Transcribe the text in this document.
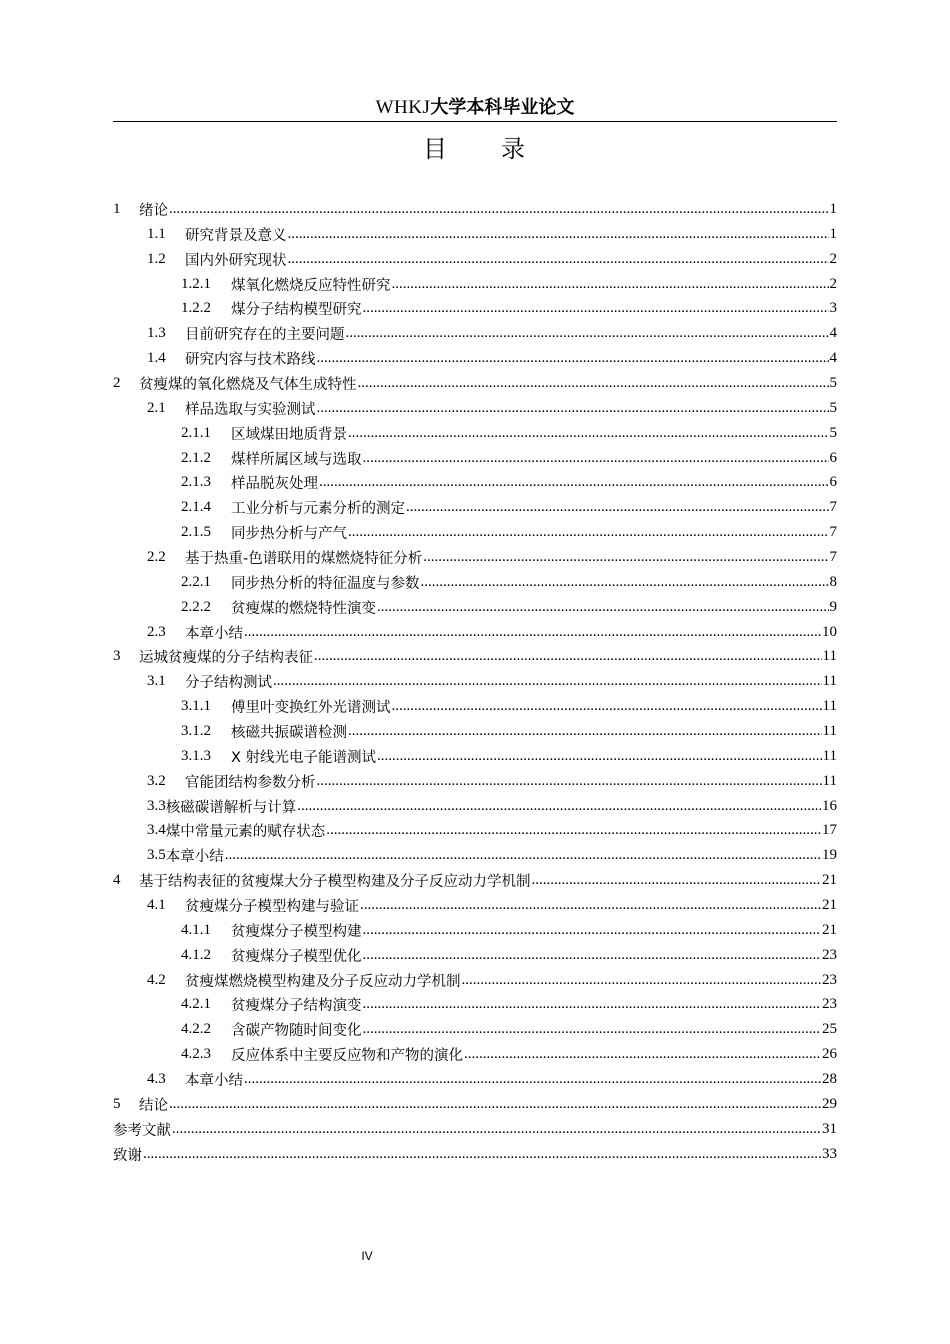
WHKJ大学本科毕业论文
目 录
1	绪论 .....	1
1.1	研究背景及意义 .....	1
1.2	国内外研究现状 .....	2
1.2.1	煤氧化燃烧反应特性研究 .....	2
1.2.2	煤分子结构模型研究 .....	3
1.3	目前研究存在的主要问题 .....	4
1.4	研究内容与技术路线 .....	4
2	贫瘦煤的氧化燃烧及气体生成特性 .....	5
2.1	样品选取与实验测试 .....	5
2.1.1	区域煤田地质背景 .....	5
2.1.2	煤样所属区域与选取 .....	6
2.1.3	样品脱灰处理 .....	6
2.1.4	工业分析与元素分析的测定 .....	7
2.1.5	同步热分析与产气 .....	7
2.2	基于热重-色谱联用的煤燃烧特征分析 .....	7
2.2.1	同步热分析的特征温度与参数 .....	8
2.2.2	贫瘦煤的燃烧特性演变 .....	9
2.3	本章小结 .....	10
3	运城贫瘦煤的分子结构表征 .....	11
3.1	分子结构测试 .....	11
3.1.1	傅里叶变换红外光谱测试 .....	11
3.1.2	核磁共振碳谱检测 .....	11
3.1.3	X 射线光电子能谱测试 .....	11
3.2	官能团结构参数分析 .....	11
3.3 核磁碳谱解析与计算 .....	16
3.4 煤中常量元素的赋存状态 .....	17
3.5 本章小结 .....	19
4	基于结构表征的贫瘦煤大分子模型构建及分子反应动力学机制 .....	21
4.1	贫瘦煤分子模型构建与验证 .....	21
4.1.1	贫瘦煤分子模型构建 .....	21
4.1.2	贫瘦煤分子模型优化 .....	23
4.2	贫瘦煤燃烧模型构建及分子反应动力学机制 .....	23
4.2.1	贫瘦煤分子结构演变 .....	23
4.2.2	含碳产物随时间变化 .....	25
4.2.3	反应体系中主要反应物和产物的演化 .....	26
4.3	本章小结 .....	28
5	结论 .....	29
参考文献 .....	31
致谢 .....	33
IV
